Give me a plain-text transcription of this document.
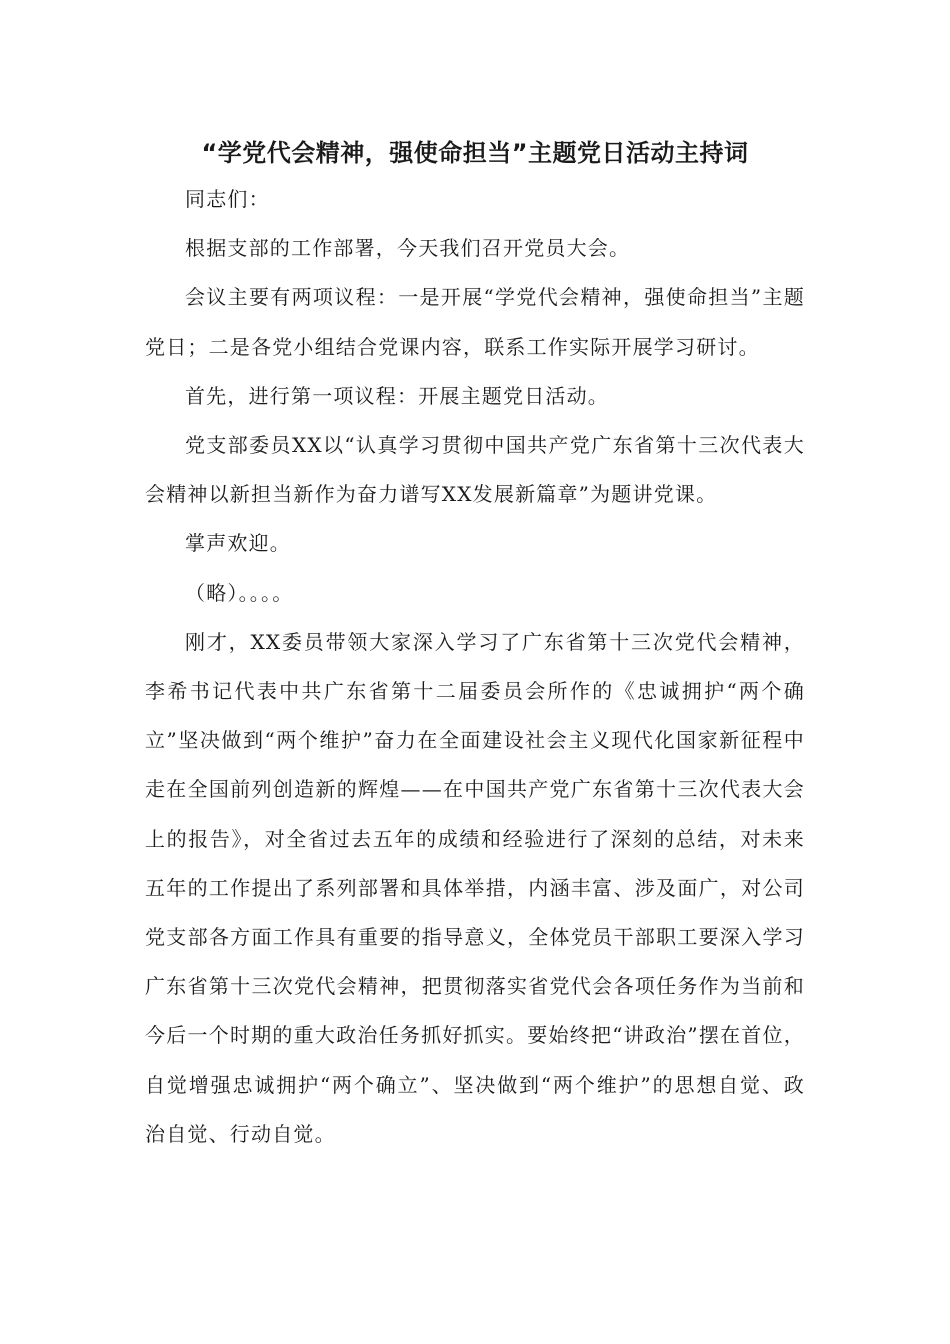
“学党代会精神，强使命担当”主题党日活动主持词

同志们：

根据支部的工作部署，今天我们召开党员大会。

会议主要有两项议程：一是开展“学党代会精神，强使命担当”主题党日；二是各党小组结合党课内容，联系工作实际开展学习研讨。

首先，进行第一项议程：开展主题党日活动。

党支部委员XX以“认真学习贯彻中国共产党广东省第十三次代表大会精神以新担当新作为奋力谱写XX发展新篇章”为题讲党课。

掌声欢迎。

（略）。。。。

刚才，XX委员带领大家深入学习了广东省第十三次党代会精神，李希书记代表中共广东省第十二届委员会所作的《忠诚拥护“两个确立”坚决做到“两个维护”奋力在全面建设社会主义现代化国家新征程中走在全国前列创造新的辉煌——在中国共产党广东省第十三次代表大会上的报告》，对全省过去五年的成绩和经验进行了深刻的总结，对未来五年的工作提出了系列部署和具体举措，内涵丰富、涉及面广，对公司党支部各方面工作具有重要的指导意义，全体党员干部职工要深入学习广东省第十三次党代会精神，把贯彻落实省党代会各项任务作为当前和今后一个时期的重大政治任务抓好抓实。要始终把“讲政治”摆在首位，自觉增强忠诚拥护“两个确立”、坚决做到“两个维护”的思想自觉、政治自觉、行动自觉。
